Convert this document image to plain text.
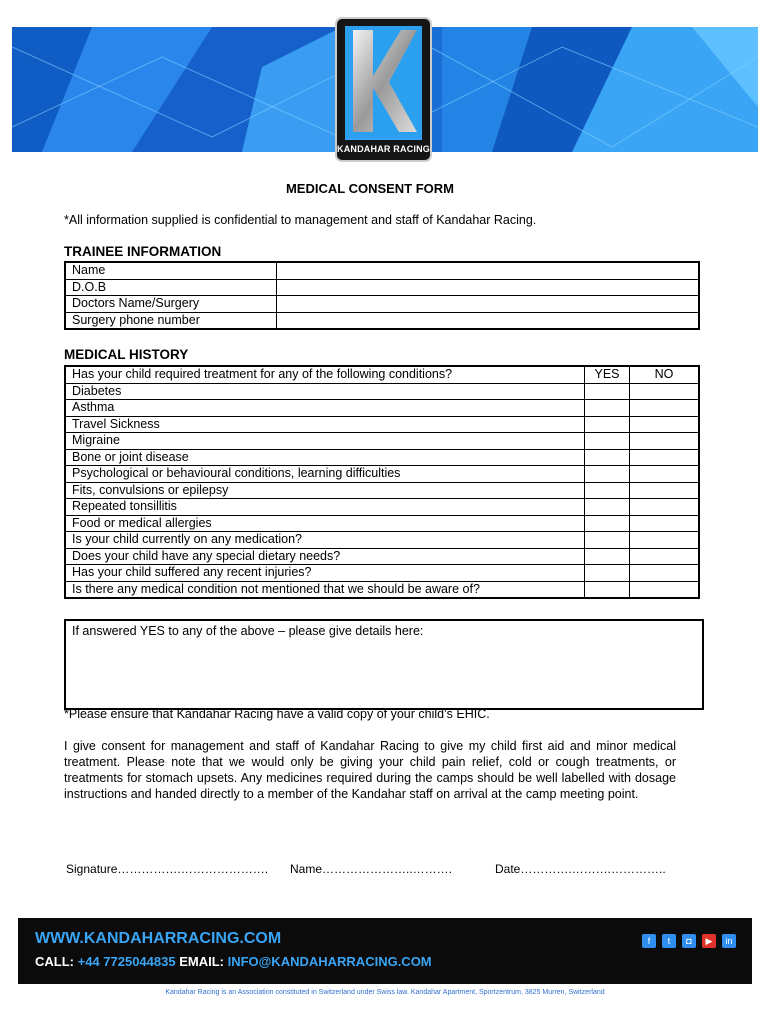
KANDAHAR RACING
MEDICAL CONSENT FORM
*All information supplied is confidential to management and staff of Kandahar Racing.
TRAINEE INFORMATION
Name	
D.O.B	
Doctors Name/Surgery	
Surgery phone number	
MEDICAL HISTORY
Has your child required treatment for any of the following conditions?	YES	NO
Diabetes		
Asthma		
Travel Sickness		
Migraine		
Bone or joint disease		
Psychological or behavioural conditions, learning difficulties		
Fits, convulsions or epilepsy		
Repeated tonsillitis		
Food or medical allergies		
Is your child currently on any medication?		
Does your child have any special dietary needs?		
Has your child suffered any recent injuries?		
Is there any medical condition not mentioned that we should be aware of?		
If answered YES to any of the above – please give details here:
*Please ensure that Kandahar Racing have a valid copy of your child’s EHIC.
I give consent for management and staff of Kandahar Racing to give my child first aid and minor medical treatment. Please note that we would only be giving your child pain relief, cold or cough treatments, or treatments for stomach upsets. Any medicines required during the camps should be well labelled with dosage instructions and handed directly to a member of the Kandahar staff on arrival at the camp meeting point.
Signature…………….…………………. Name…………………..……….	Date………….……….…………..
WWW.KANDAHARRACING.COM
CALL: +44 7725044835 EMAIL: INFO@KANDAHARRACING.COM
f	t	◘	▶	in
Kandahar Racing is an Association constituted in Switzerland under Swiss law. Kandahar Apartment, Sportzentrum, 3825 Murren, Switzerland
